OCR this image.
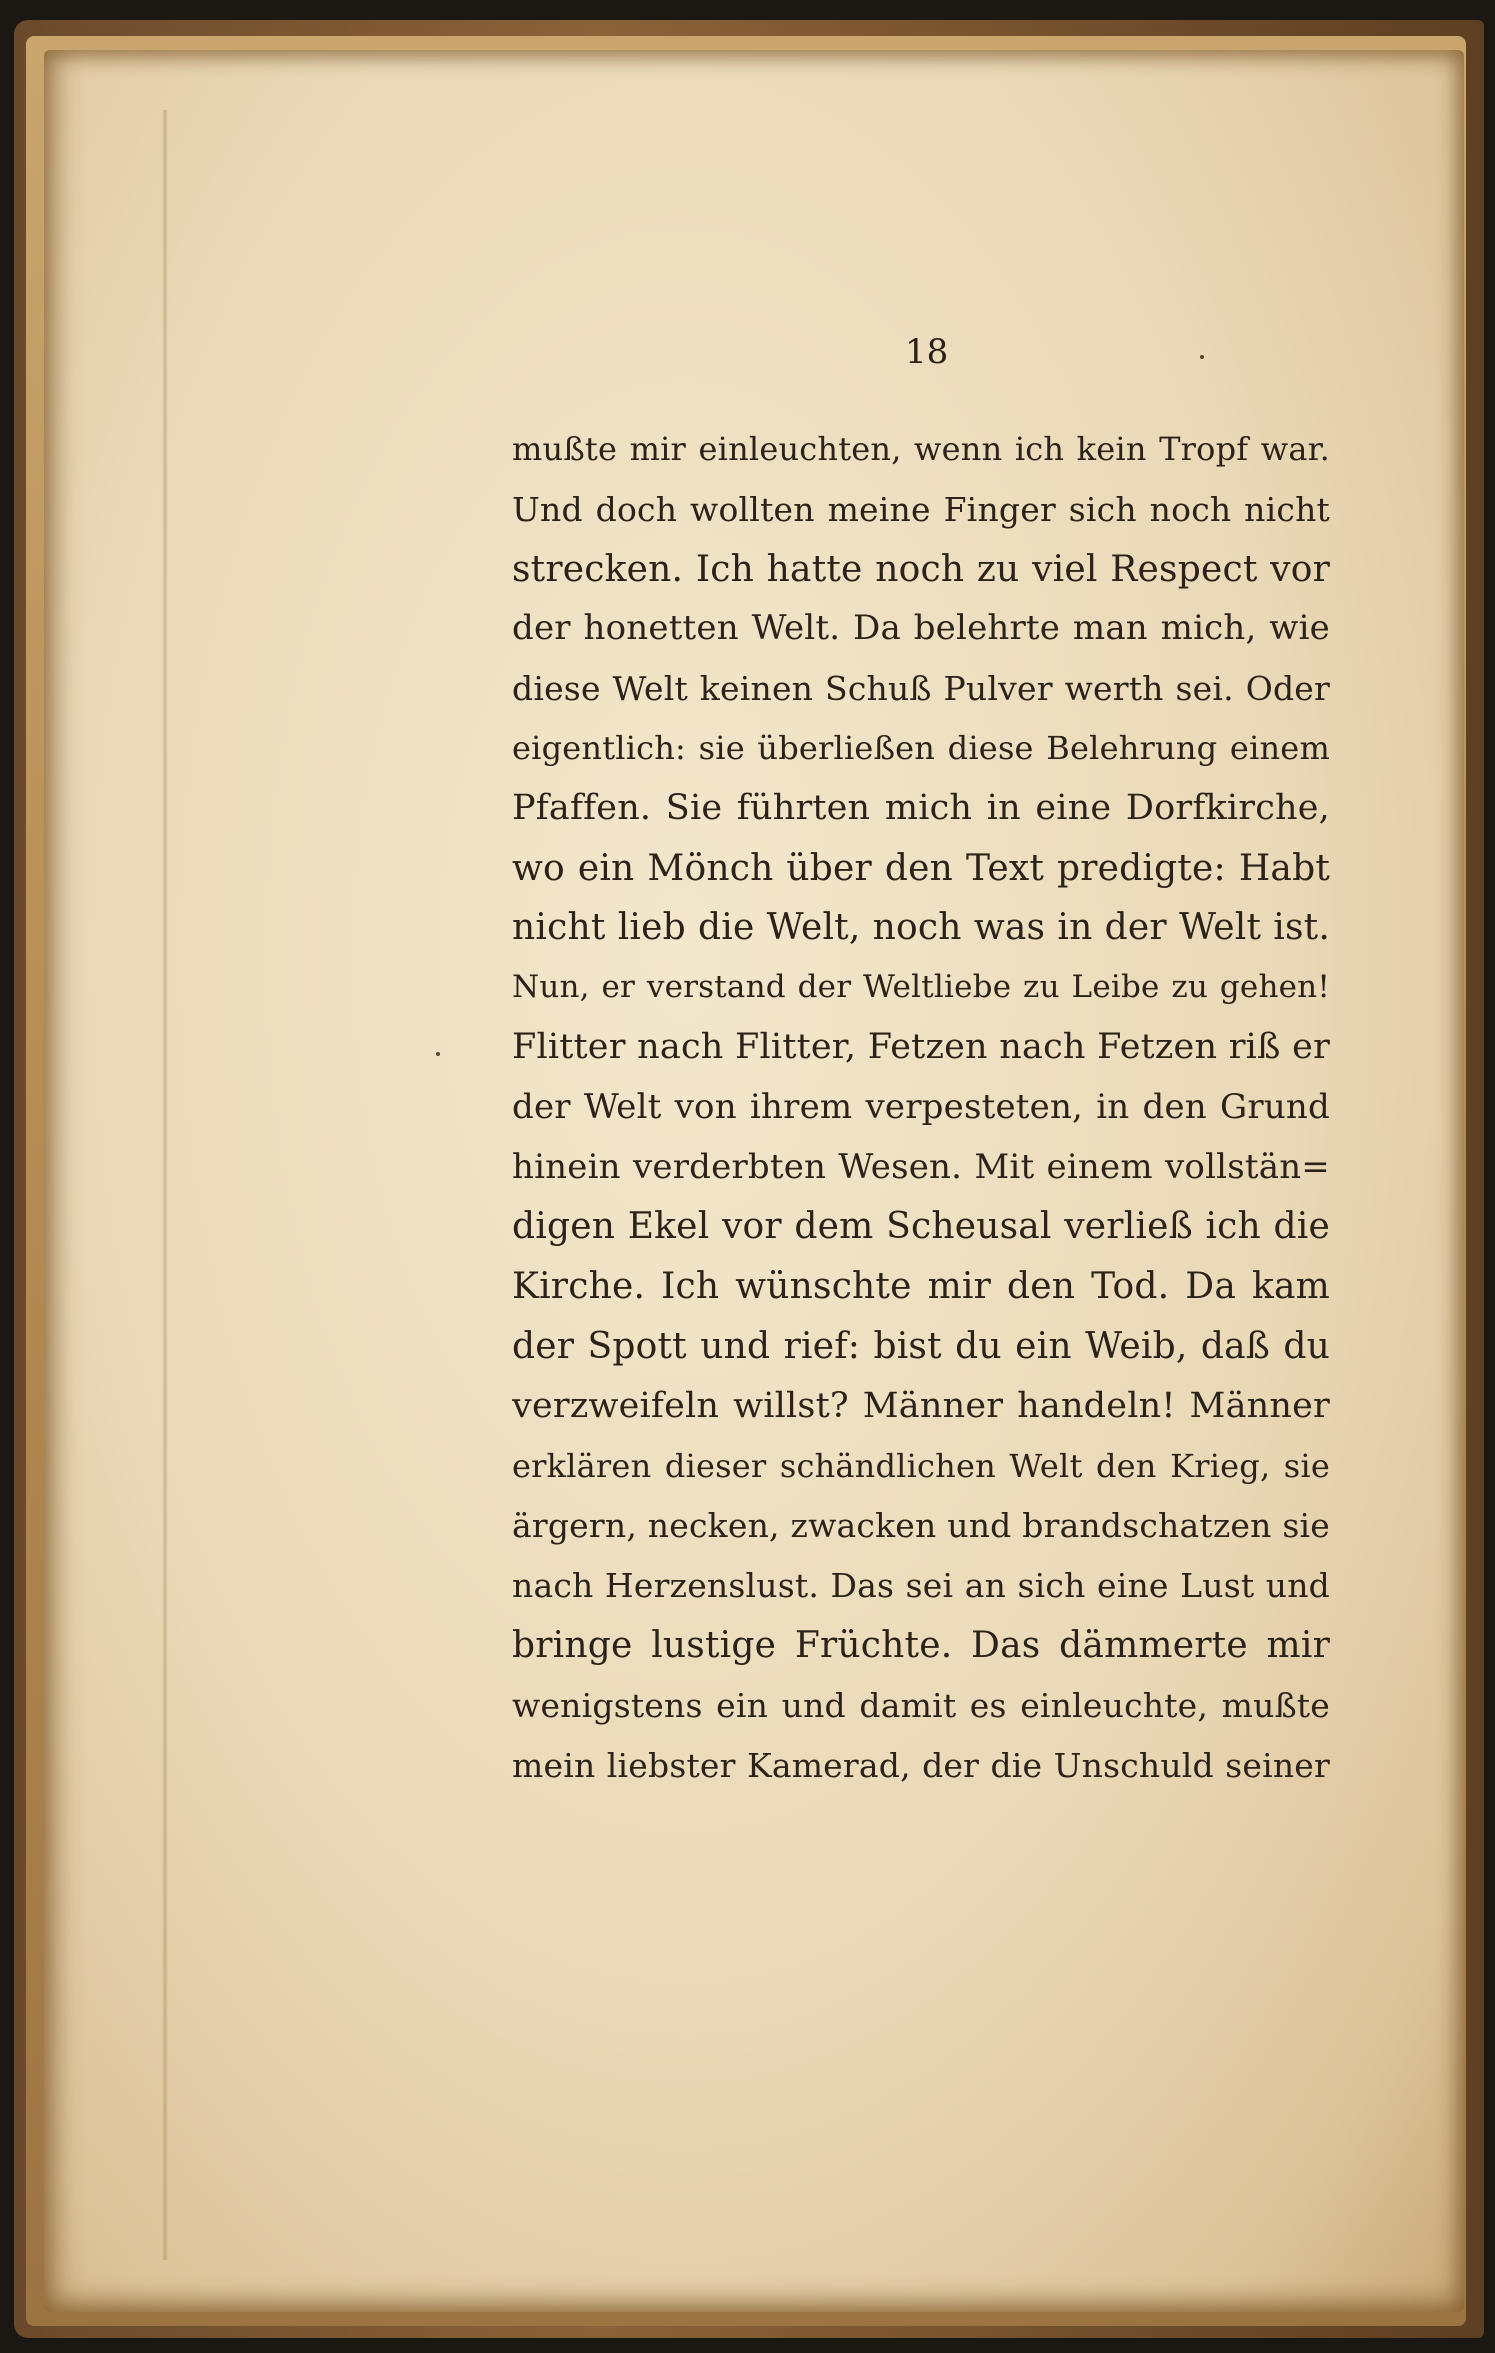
18
mußte mir einleuchten, wenn ich kein Tropf war.
Und doch wollten meine Finger sich noch nicht
strecken. Ich hatte noch zu viel Respect vor
der honetten Welt. Da belehrte man mich, wie
diese Welt keinen Schuß Pulver werth sei. Oder
eigentlich: sie überließen diese Belehrung einem
Pfaffen. Sie führten mich in eine Dorfkirche,
wo ein Mönch über den Text predigte: Habt
nicht lieb die Welt, noch was in der Welt ist.
Nun, er verstand der Weltliebe zu Leibe zu gehen!
Flitter nach Flitter, Fetzen nach Fetzen riß er
der Welt von ihrem verpesteten, in den Grund
hinein verderbten Wesen. Mit einem vollstän=
digen Ekel vor dem Scheusal verließ ich die
Kirche. Ich wünschte mir den Tod. Da kam
der Spott und rief: bist du ein Weib, daß du
verzweifeln willst? Männer handeln! Männer
erklären dieser schändlichen Welt den Krieg, sie
ärgern, necken, zwacken und brandschatzen sie
nach Herzenslust. Das sei an sich eine Lust und
bringe lustige Früchte. Das dämmerte mir
wenigstens ein und damit es einleuchte, mußte
mein liebster Kamerad, der die Unschuld seiner
